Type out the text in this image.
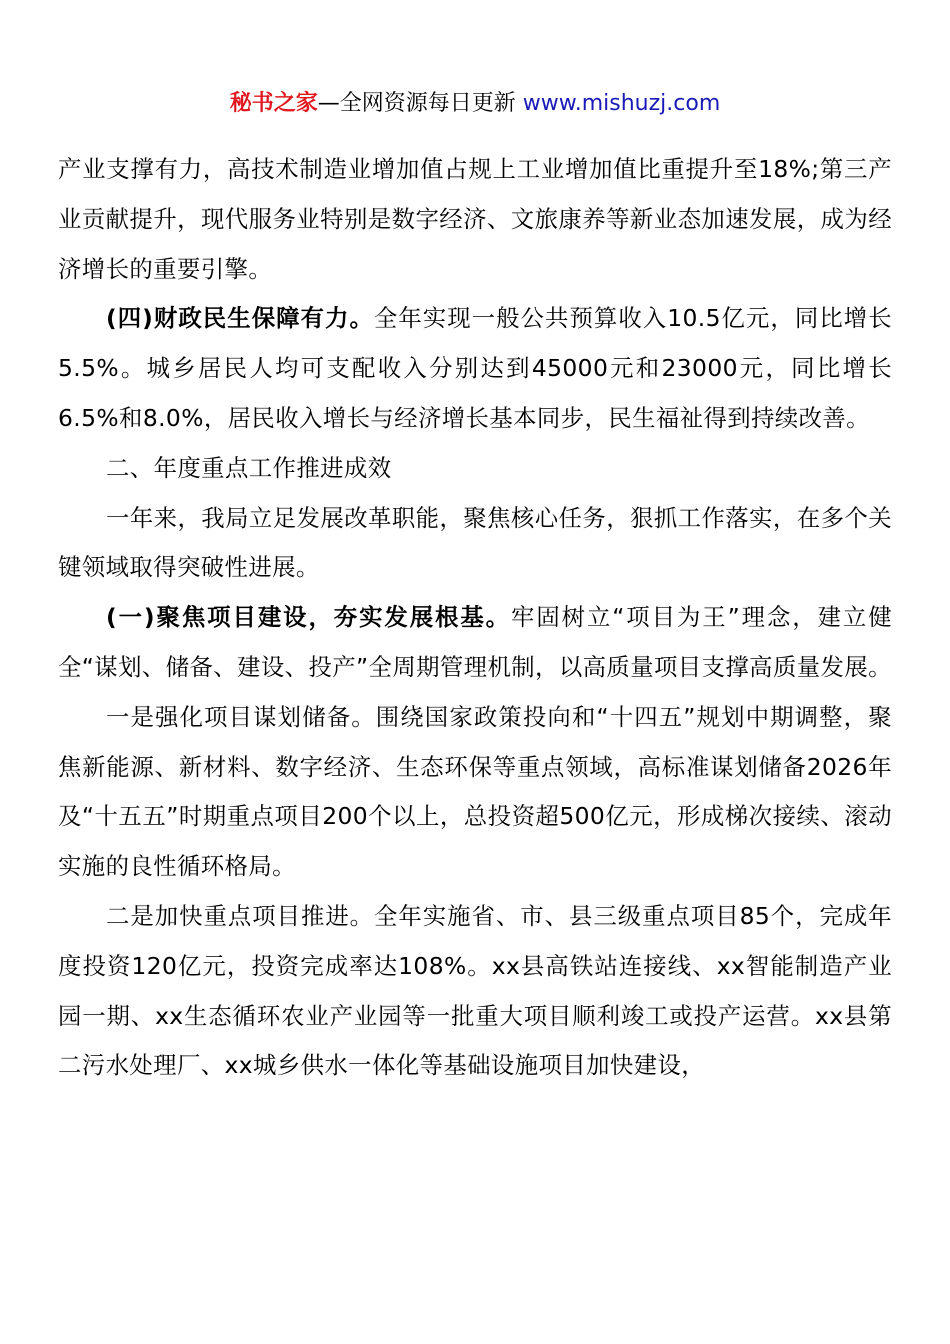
秘书之家—全网资源每日更新 www.mishuzj.com

产业支撑有力，高技术制造业增加值占规上工业增加值比重提升至18%;第三产业贡献提升，现代服务业特别是数字经济、文旅康养等新业态加速发展，成为经济增长的重要引擎。

(四)财政民生保障有力。全年实现一般公共预算收入10.5亿元，同比增长5.5%。城乡居民人均可支配收入分别达到45000元和23000元，同比增长6.5%和8.0%，居民收入增长与经济增长基本同步，民生福祉得到持续改善。

二、年度重点工作推进成效

一年来，我局立足发展改革职能，聚焦核心任务，狠抓工作落实，在多个关键领域取得突破性进展。

(一)聚焦项目建设，夯实发展根基。牢固树立“项目为王”理念，建立健全“谋划、储备、建设、投产”全周期管理机制，以高质量项目支撑高质量发展。

一是强化项目谋划储备。围绕国家政策投向和“十四五”规划中期调整，聚焦新能源、新材料、数字经济、生态环保等重点领域，高标准谋划储备2026年及“十五五”时期重点项目200个以上，总投资超500亿元，形成梯次接续、滚动实施的良性循环格局。

二是加快重点项目推进。全年实施省、市、县三级重点项目85个，完成年度投资120亿元，投资完成率达108%。xx县高铁站连接线、xx智能制造产业园一期、xx生态循环农业产业园等一批重大项目顺利竣工或投产运营。xx县第二污水处理厂、xx城乡供水一体化等基础设施项目加快建设，
